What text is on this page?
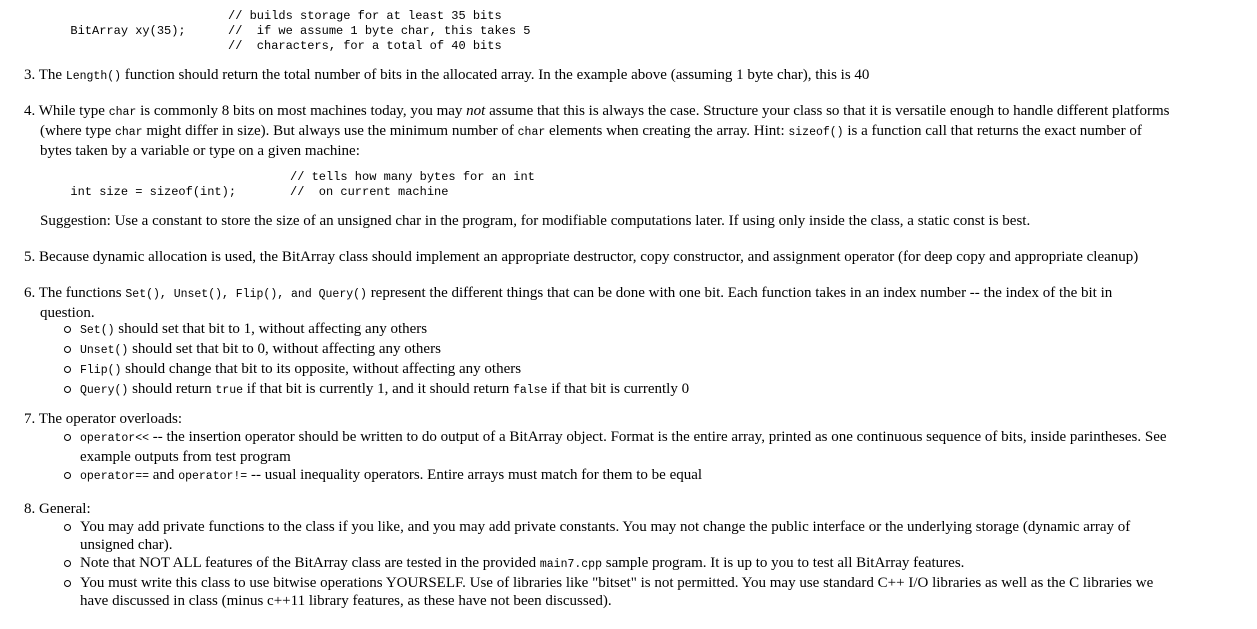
BitArray xy(35);

// builds storage for at least 35 bits
//  if we assume 1 byte char, this takes 5
//  characters, for a total of 40 bits
3. The Length() function should return the total number of bits in the allocated array. In the example above (assuming 1 byte char), this is 40
4. While type char is commonly 8 bits on most machines today, you may not assume that this is always the case. Structure your class so that it is versatile enough to handle different platforms
(where type char might differ in size). But always use the minimum number of char elements when creating the array. Hint: sizeof() is a function call that returns the exact number of
bytes taken by a variable or type on a given machine:

int size = sizeof(int);

// tells how many bytes for an int
//  on current machine
Suggestion: Use a constant to store the size of an unsigned char in the program, for modifiable computations later. If using only inside the class, a static const is best.
5. Because dynamic allocation is used, the BitArray class should implement an appropriate destructor, copy constructor, and assignment operator (for deep copy and appropriate cleanup)
6. The functions Set(), Unset(), Flip(), and Query() represent the different things that can be done with one bit. Each function takes in an index number -- the index of the bit in
question.
Set() should set that bit to 1, without affecting any others
Unset() should set that bit to 0, without affecting any others
Flip() should change that bit to its opposite, without affecting any others
Query() should return true if that bit is currently 1, and it should return false if that bit is currently 0
7. The operator overloads:
operator<< -- the insertion operator should be written to do output of a BitArray object. Format is the entire array, printed as one continuous sequence of bits, inside parintheses. See
example outputs from test program
operator== and operator!= -- usual inequality operators. Entire arrays must match for them to be equal
8. General:
You may add private functions to the class if you like, and you may add private constants. You may not change the public interface or the underlying storage (dynamic array of
unsigned char).
Note that NOT ALL features of the BitArray class are tested in the provided main7.cpp sample program. It is up to you to test all BitArray features.
You must write this class to use bitwise operations YOURSELF. Use of libraries like "bitset" is not permitted. You may use standard C++ I/O libraries as well as the C libraries we
have discussed in class (minus c++11 library features, as these have not been discussed).
